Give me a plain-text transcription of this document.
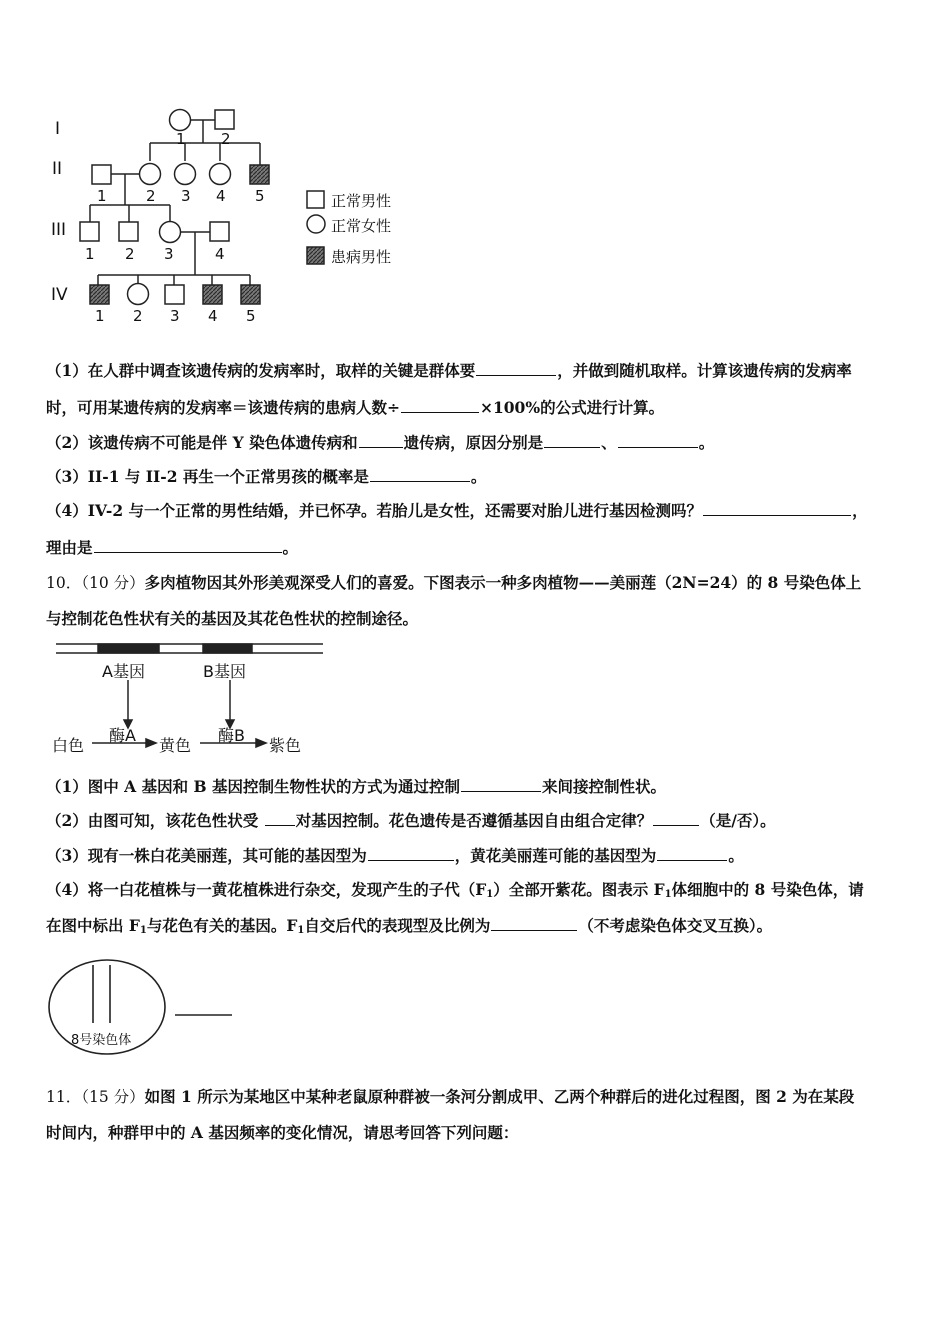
I
II
III
IV
1 2
1	2 3 4 5
1 2 3	4
1 2 3 4 5
正常男性
正常女性
患病男性
（1）在人群中调查该遗传病的发病率时，取样的关键是群体要	，并做到随机取样。计算该遗传病的发病率
时，可用某遗传病的发病率＝该遗传病的患病人数÷	×100%的公式进行计算。
（2）该遗传病不可能是伴 Y 染色体遗传病和	遗传病，原因分别是	、	。
（3）II-1 与 II-2 再生一个正常男孩的概率是	。
（4）IV-2 与一个正常的男性结婚，并已怀孕。若胎儿是女性，还需要对胎儿进行基因检测吗？	，
理由是	。
10．（10 分）多肉植物因其外形美观深受人们的喜爱。下图表示一种多肉植物——美丽莲（2N=24）的 8 号染色体上
与控制花色性状有关的基因及其花色性状的控制途径。
A基因	B基因
酶A	酶B
白色	黄色	紫色
（1）图中 A 基因和 B 基因控制生物性状的方式为通过控制	来间接控制性状。
（2）由图可知，该花色性状受 对基因控制。花色遗传是否遵循基因自由组合定律？	（是/否）。
（3）现有一株白花美丽莲，其可能的基因型为	，黄花美丽莲可能的基因型为	。
（4）将一白花植株与一黄花植株进行杂交，发现产生的子代$(F_1)$全部开紫花。图表示 $F_1$体细胞中的 8 号染色体，请
在图中标出 $F_1$与花色有关的基因。$F_1$自交后代的表现型及比例为	（不考虑染色体交叉互换）。
8号染色体
11．（15 分）如图 1 所示为某地区中某种老鼠原种群被一条河分割成甲、乙两个种群后的进化过程图，图 2 为在某段
时间内，种群甲中的 A 基因频率的变化情况，请思考回答下列问题：
